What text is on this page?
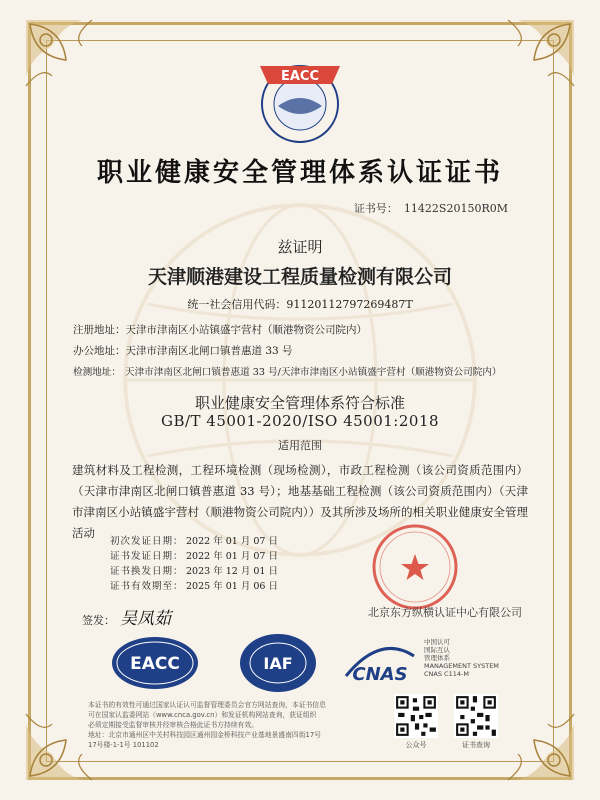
EACC
职业健康安全管理体系认证证书
证书号： 11422S20150R0M
兹证明
天津顺港建设工程质量检测有限公司
统一社会信用代码：91120112797269487T
注册地址：天津市津南区小站镇盛宇营村（顺港物资公司院内）
办公地址：天津市津南区北闸口镇普惠道 33 号
检测地址： 天津市津南区北闸口镇普惠道 33 号/天津市津南区小站镇盛宇营村（顺港物资公司院内）
职业健康安全管理体系符合标准
GB/T 45001-2020/ISO 45001:2018
适用范围
建筑材料及工程检测，工程环境检测（现场检测），市政工程检测（该公司资质范围内）（天津市津南区北闸口镇普惠道 33 号）；地基基础工程检测（该公司资质范围内）（天津市津南区小站镇盛宇营村（顺港物资公司院内））及其所涉及场所的相关职业健康安全管理活动
初次发证日期： 2022 年 01 月 07 日
证书发证日期： 2022 年 01 月 07 日
证书换发日期： 2023 年 12 月 01 日
证书有效期至： 2025 年 01 月 06 日
北京东方纵横认证中心有限公司
签发： 吴凤茹
EACC	IAF
CNAS
中国认可
国际互认
管理体系
MANAGEMENT SYSTEM
CNAS C114-M
本证书的有效性可通过国家认证认可监督管理委员会官方网站查询，本证书信息
可在国家认监委网站（www.cnca.gov.cn）和发证机构网站查询，获证组织
必须定期接受监督审核并经审核合格此证书方持续有效。
地址：北京市通州区中关村科技园区通州园金桥科技产业基地景盛南四街17号
17号楼-1-1号 101102	公众号	证书查询
